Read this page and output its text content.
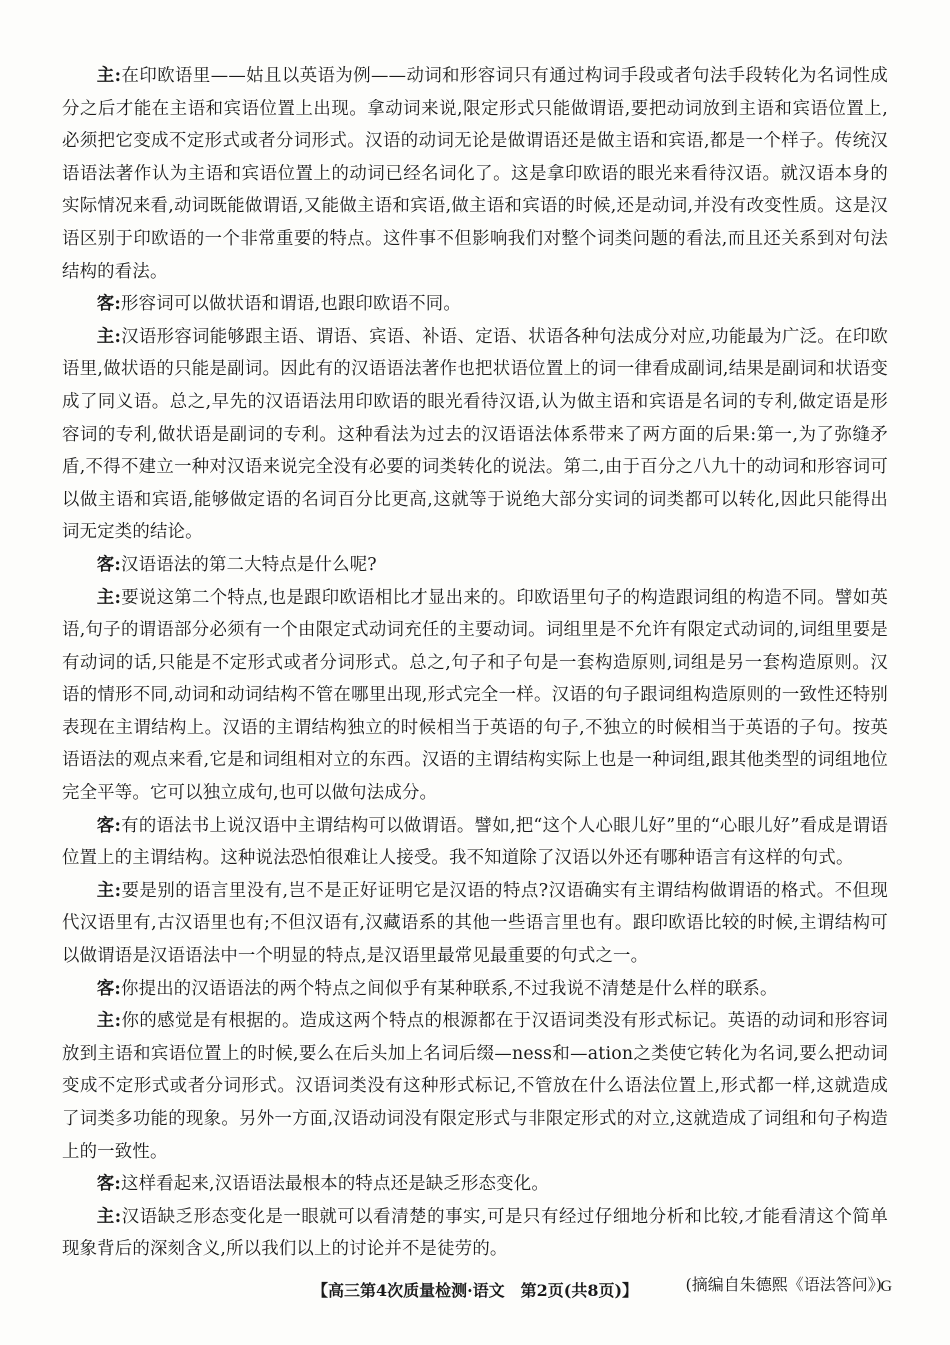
主:在印欧语里——姑且以英语为例——动词和形容词只有通过构词手段或者句法手段转化为名词性成分之后才能在主语和宾语位置上出现。拿动词来说,限定形式只能做谓语,要把动词放到主语和宾语位置上,必须把它变成不定形式或者分词形式。汉语的动词无论是做谓语还是做主语和宾语,都是一个样子。传统汉语语法著作认为主语和宾语位置上的动词已经名词化了。这是拿印欧语的眼光来看待汉语。就汉语本身的实际情况来看,动词既能做谓语,又能做主语和宾语,做主语和宾语的时候,还是动词,并没有改变性质。这是汉语区别于印欧语的一个非常重要的特点。这件事不但影响我们对整个词类问题的看法,而且还关系到对句法结构的看法。

客:形容词可以做状语和谓语,也跟印欧语不同。

主:汉语形容词能够跟主语、谓语、宾语、补语、定语、状语各种句法成分对应,功能最为广泛。在印欧语里,做状语的只能是副词。因此有的汉语语法著作也把状语位置上的词一律看成副词,结果是副词和状语变成了同义语。总之,早先的汉语语法用印欧语的眼光看待汉语,认为做主语和宾语是名词的专利,做定语是形容词的专利,做状语是副词的专利。这种看法为过去的汉语语法体系带来了两方面的后果:第一,为了弥缝矛盾,不得不建立一种对汉语来说完全没有必要的词类转化的说法。第二,由于百分之八九十的动词和形容词可以做主语和宾语,能够做定语的名词百分比更高,这就等于说绝大部分实词的词类都可以转化,因此只能得出词无定类的结论。

客:汉语语法的第二大特点是什么呢?

主:要说这第二个特点,也是跟印欧语相比才显出来的。印欧语里句子的构造跟词组的构造不同。譬如英语,句子的谓语部分必须有一个由限定式动词充任的主要动词。词组里是不允许有限定式动词的,词组里要是有动词的话,只能是不定形式或者分词形式。总之,句子和子句是一套构造原则,词组是另一套构造原则。汉语的情形不同,动词和动词结构不管在哪里出现,形式完全一样。汉语的句子跟词组构造原则的一致性还特别表现在主谓结构上。汉语的主谓结构独立的时候相当于英语的句子,不独立的时候相当于英语的子句。按英语语法的观点来看,它是和词组相对立的东西。汉语的主谓结构实际上也是一种词组,跟其他类型的词组地位完全平等。它可以独立成句,也可以做句法成分。

客:有的语法书上说汉语中主谓结构可以做谓语。譬如,把“这个人心眼儿好”里的“心眼儿好”看成是谓语位置上的主谓结构。这种说法恐怕很难让人接受。我不知道除了汉语以外还有哪种语言有这样的句式。

主:要是别的语言里没有,岂不是正好证明它是汉语的特点?汉语确实有主谓结构做谓语的格式。不但现代汉语里有,古汉语里也有;不但汉语有,汉藏语系的其他一些语言里也有。跟印欧语比较的时候,主谓结构可以做谓语是汉语语法中一个明显的特点,是汉语里最常见最重要的句式之一。

客:你提出的汉语语法的两个特点之间似乎有某种联系,不过我说不清楚是什么样的联系。

主:你的感觉是有根据的。造成这两个特点的根源都在于汉语词类没有形式标记。英语的动词和形容词放到主语和宾语位置上的时候,要么在后头加上名词后缀—ness和—ation之类使它转化为名词,要么把动词变成不定形式或者分词形式。汉语词类没有这种形式标记,不管放在什么语法位置上,形式都一样,这就造成了词类多功能的现象。另外一方面,汉语动词没有限定形式与非限定形式的对立,这就造成了词组和句子构造上的一致性。

客:这样看起来,汉语语法最根本的特点还是缺乏形态变化。

主:汉语缺乏形态变化是一眼就可以看清楚的事实,可是只有经过仔细地分析和比较,才能看清这个简单现象背后的深刻含义,所以我们以上的讨论并不是徒劳的。

(摘编自朱德熙《语法答问》)
【高三第4次质量检测·语文　第2页(共8页)】	G
